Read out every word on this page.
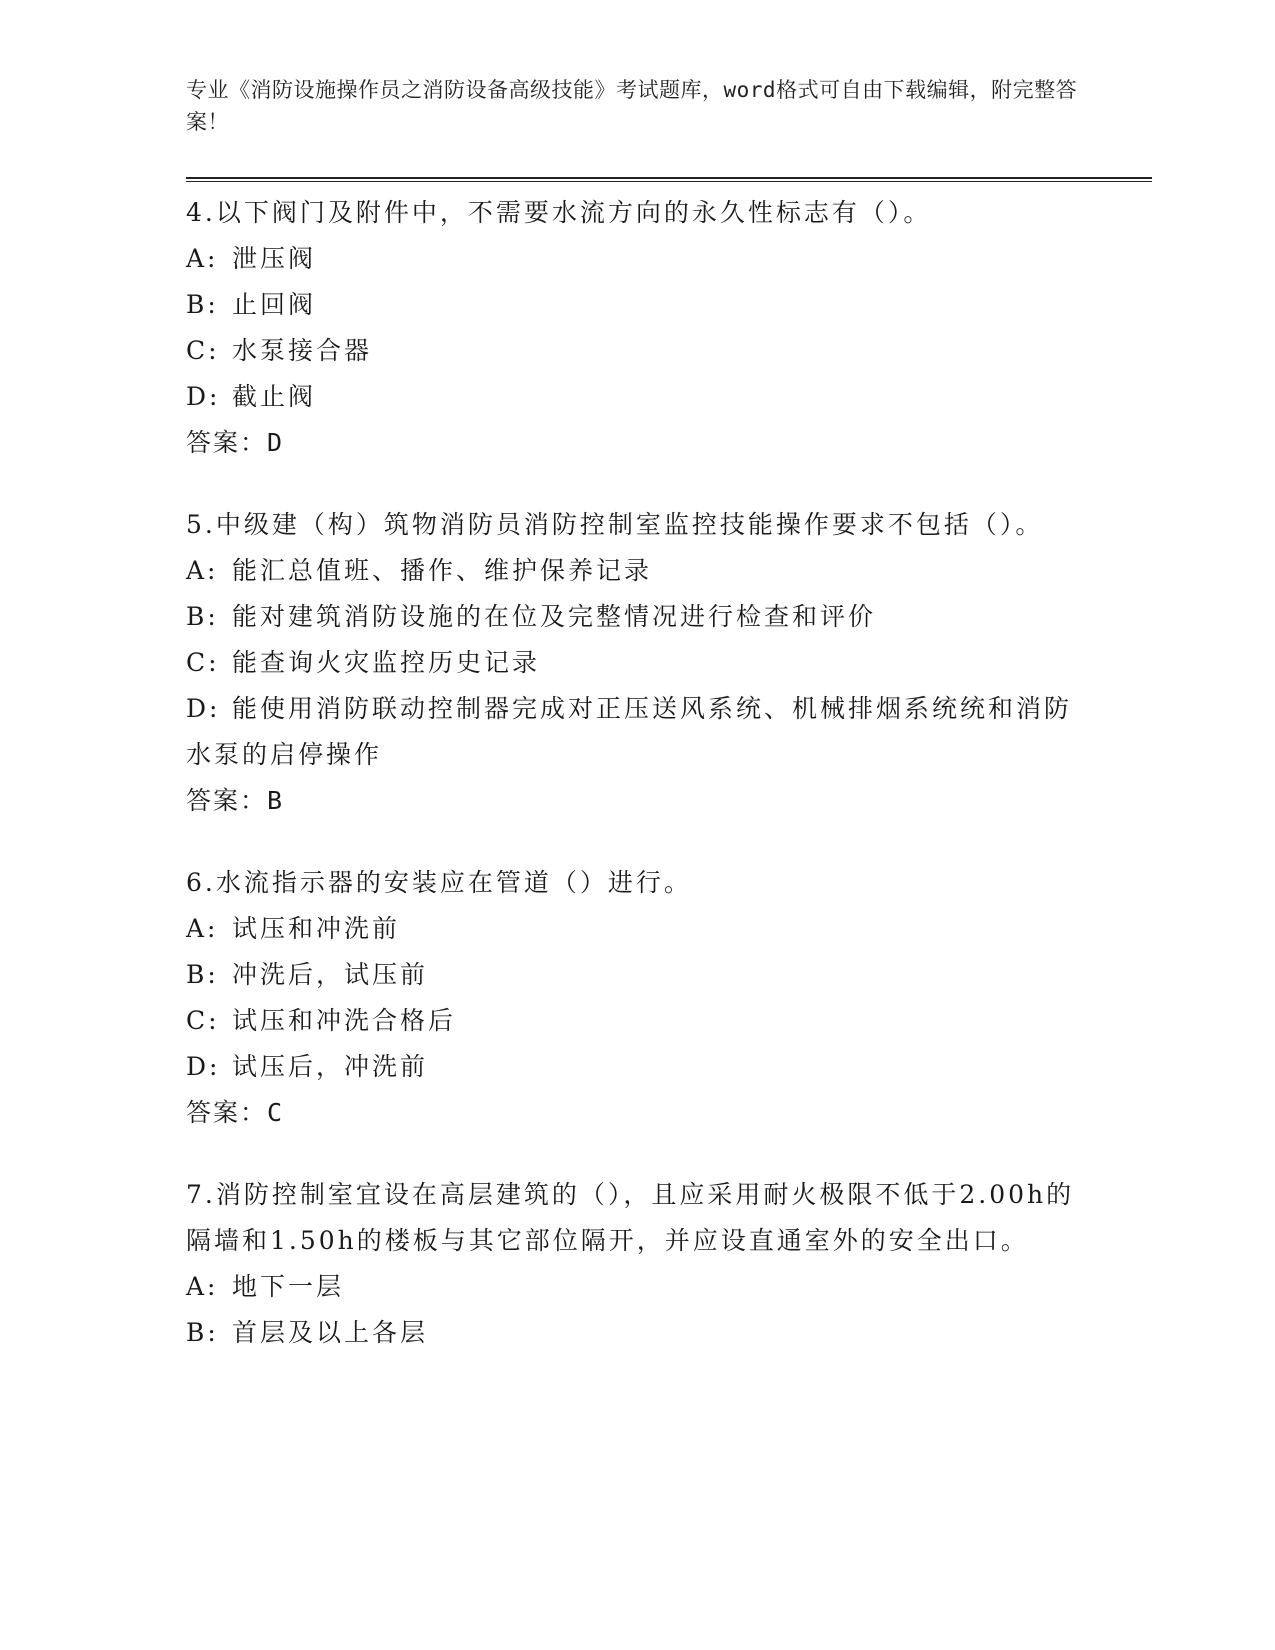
专业《消防设施操作员之消防设备高级技能》考试题库，word格式可自由下载编辑，附完整答案！
4.以下阀门及附件中，不需要水流方向的永久性标志有（）。
A: 泄压阀
B: 止回阀
C: 水泵接合器
D: 截止阀
答案：D
5.中级建（构）筑物消防员消防控制室监控技能操作要求不包括（）。
A: 能汇总值班、播作、维护保养记录
B: 能对建筑消防设施的在位及完整情况进行检查和评价
C: 能查询火灾监控历史记录
D: 能使用消防联动控制器完成对正压送风系统、机械排烟系统统和消防水泵的启停操作
答案：B
6.水流指示器的安装应在管道（）进行。
A: 试压和冲洗前
B: 冲洗后，试压前
C: 试压和冲洗合格后
D: 试压后，冲洗前
答案：C
7.消防控制室宜设在高层建筑的（），且应采用耐火极限不低于2.00h的隔墙和1.50h的楼板与其它部位隔开，并应设直通室外的安全出口。
A: 地下一层
B: 首层及以上各层
